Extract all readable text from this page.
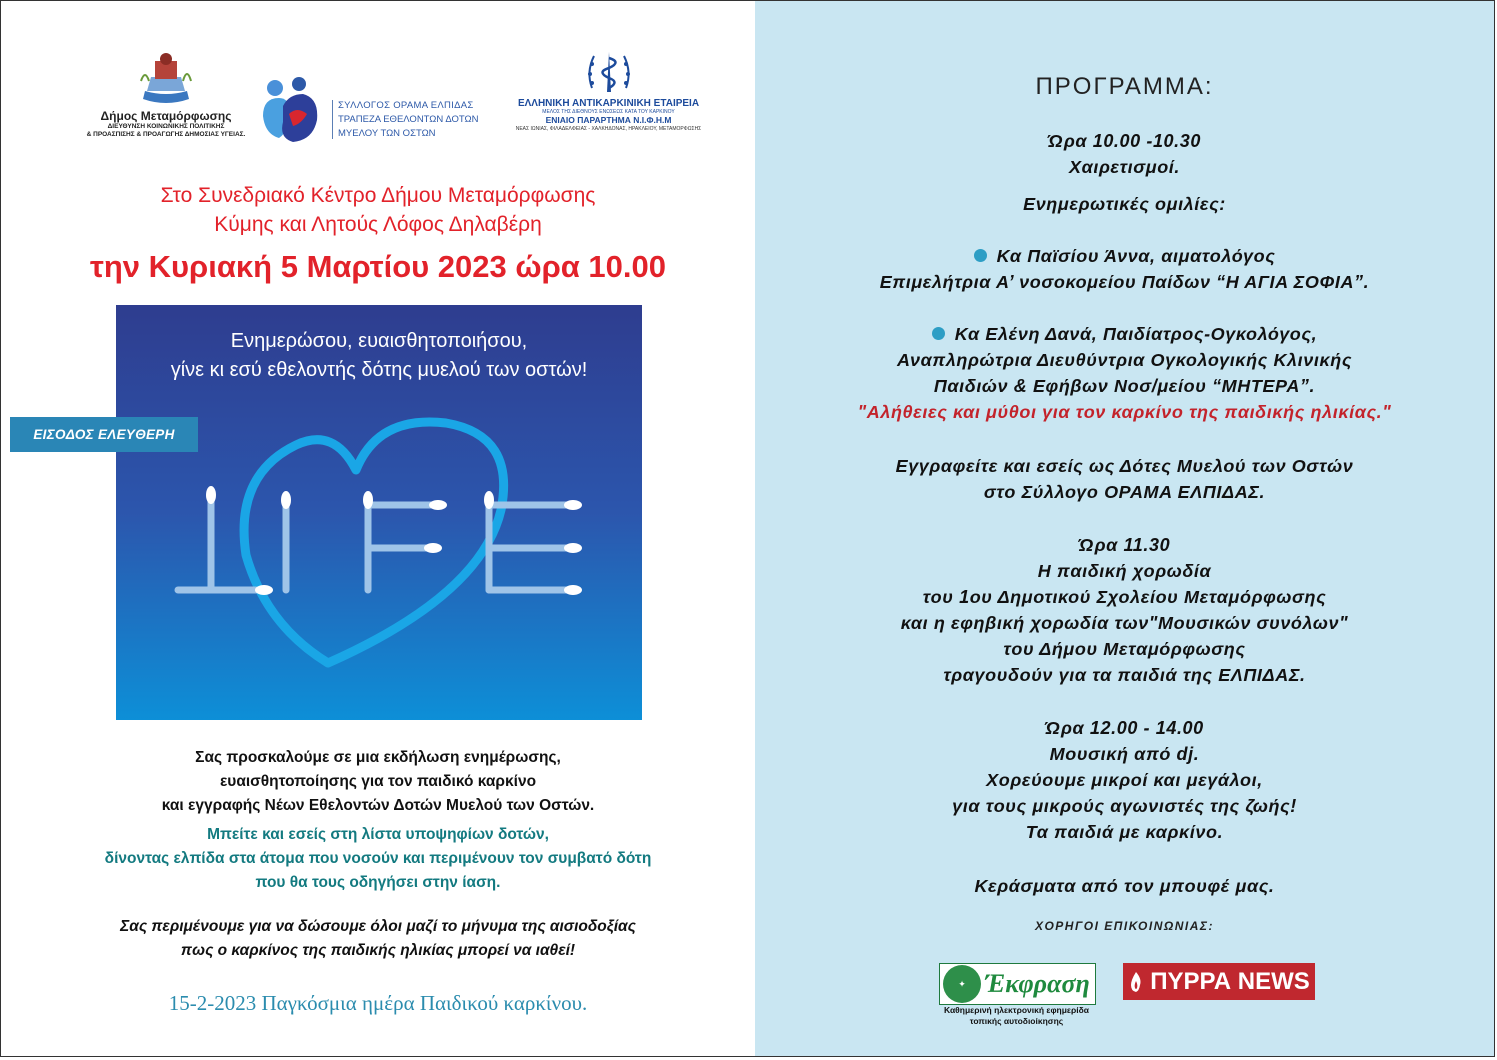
Δήμος Μεταμόρφωσης
ΔΙΕΥΘΥΝΣΗ ΚΟΙΝΩΝΙΚΗΣ ΠΟΛΙΤΙΚΗΣ
& ΠΡΟΑΣΠΙΣΗΣ & ΠΡΟΑΓΩΓΗΣ ΔΗΜΟΣΙΑΣ ΥΓΕΙΑΣ.
ΣΥΛΛΟΓΟΣ ΟΡΑΜΑ ΕΛΠΙΔΑΣ
ΤΡΑΠΕΖΑ ΕΘΕΛΟΝΤΩΝ ΔΟΤΩΝ
ΜΥΕΛΟΥ ΤΩΝ ΟΣΤΩΝ
ΕΛΛΗΝΙΚΗ ΑΝΤΙΚΑΡΚΙΝΙΚΗ ΕΤΑΙΡΕΙΑ
ΜΕΛΟΣ ΤΗΣ ΔΙΕΘΝΟΥΣ ΕΝΩΣΕΩΣ ΚΑΤΑ ΤΟΥ ΚΑΡΚΙΝΟΥ
ΕΝΙΑΙΟ ΠΑΡΑΡΤΗΜΑ Ν.Ι.Φ.Η.Μ
ΝΕΑΣ ΙΩΝΙΑΣ, ΦΙΛΑΔΕΛΦΕΙΑΣ - ΧΑΛΚΗΔΟΝΑΣ, ΗΡΑΚΛΕΙΟΥ, ΜΕΤΑΜΟΡΦΩΣΗΣ
Στο Συνεδριακό Κέντρο Δήμου Μεταμόρφωσης
Κύμης και Λητούς Λόφος Δηλαβέρη
την Κυριακή 5 Μαρτίου 2023 ώρα 10.00
Ενημερώσου, ευαισθητοποιήσου,
γίνε κι εσύ εθελοντής δότης μυελού των οστών!
ΕΙΣΟΔΟΣ ΕΛΕΥΘΕΡΗ
Σας προσκαλούμε σε μια εκδήλωση ενημέρωσης,
ευαισθητοποίησης για τον παιδικό καρκίνο
και εγγραφής Νέων Εθελοντών Δοτών Μυελού των Οστών.
Μπείτε και εσείς στη λίστα υποψηφίων δοτών,
δίνοντας ελπίδα στα άτομα που νοσούν και περιμένουν τον συμβατό δότη
που θα τους οδηγήσει στην ίαση.
Σας περιμένουμε για να δώσουμε όλοι μαζί το μήνυμα της αισιοδοξίας
πως ο καρκίνος της παιδικής ηλικίας μπορεί να ιαθεί!
15-2-2023 Παγκόσμια ημέρα Παιδικού καρκίνου.
ΠΡΟΓΡΑΜΜΑ:
Ώρα 10.00 -10.30
Χαιρετισμοί.
Ενημερωτικές ομιλίες:
Κα Παϊσίου Άννα, αιματολόγος
Επιμελήτρια Α’ νοσοκομείου Παίδων “Η ΑΓΙΑ ΣΟΦΙΑ”.
Κα Ελένη Δανά, Παιδίατρος-Ογκολόγος,
Αναπληρώτρια Διευθύντρια Ογκολογικής Κλινικής
Παιδιών & Εφήβων Νοσ/μείου “ΜΗΤΕΡΑ”.
"Αλήθειες και μύθοι για τον καρκίνο της παιδικής ηλικίας."
Εγγραφείτε και εσείς ως Δότες Μυελού των Οστών
στο Σύλλογο ΟΡΑΜΑ ΕΛΠΙΔΑΣ.
Ώρα 11.30
Η παιδική χορωδία
του 1ου Δημοτικού Σχολείου Μεταμόρφωσης
και η εφηβική χορωδία των"Μουσικών συνόλων"
του Δήμου Μεταμόρφωσης
τραγουδούν για τα παιδιά της ΕΛΠΙΔΑΣ.
Ώρα 12.00 - 14.00
Μουσική από dj.
Χορεύουμε μικροί και μεγάλοι,
για τους μικρούς αγωνιστές της ζωής!
Τα παιδιά με καρκίνο.
Κεράσματα από τον μπουφέ μας.
ΧΟΡΗΓΟΙ ΕΠΙΚΟΙΝΩΝΙΑΣ:
✦ Έκφραση
Καθημερινή ηλεκτρονική εφημερίδα
τοπικής αυτοδιοίκησης
ΠΥΡΡΑ NEWS
